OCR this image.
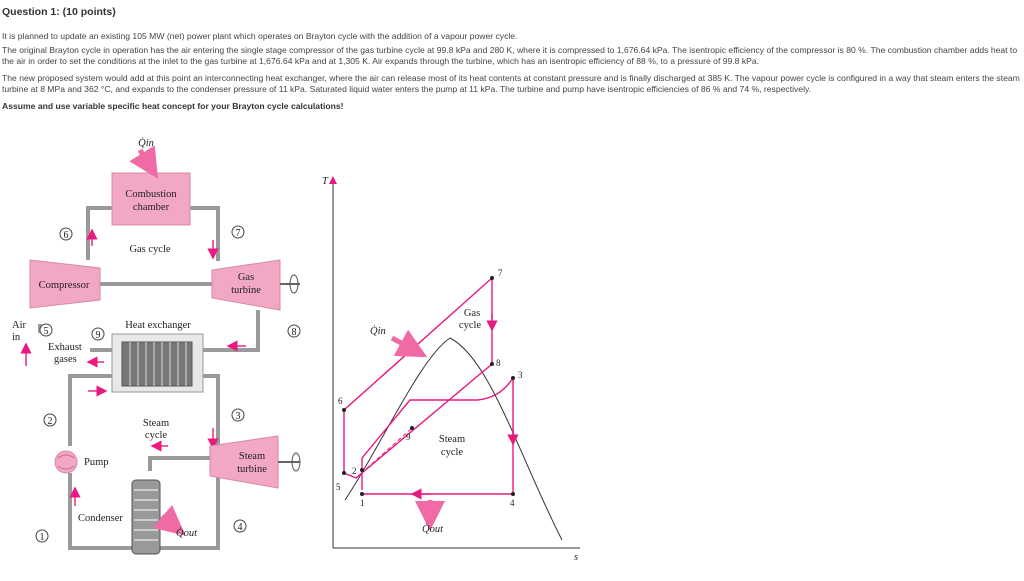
Question 1: (10 points)
It is planned to update an existing 105 MW (net) power plant which operates on Brayton cycle with the addition of a vapour power cycle.
The original Brayton cycle in operation has the air entering the single stage compressor of the gas turbine cycle at 99.8 kPa and 280 K, where it is compressed to 1,676.64 kPa. The isentropic efficiency of the compressor is 80 %. The combustion chamber adds heat to
the air in order to set the conditions at the inlet to the gas turbine at 1,676.64 kPa and at 1,305 K. Air expands through the turbine, which has an isentropic efficiency of 88 %, to a pressure of 99.8 kPa.
The new proposed system would add at this point an interconnecting heat exchanger, where the air can release most of its heat contents at constant pressure and is finally discharged at 385 K. The vapour power cycle is configured in a way that steam enters the steam
turbine at 8 MPa and 362 °C, and expands to the condenser pressure of 11 kPa. Saturated liquid water enters the pump at 11 kPa. The turbine and pump have isentropic efficiencies of 86 % and 74 %, respectively.
Assume and use variable specific heat concept for your Brayton cycle calculations!
Combustion
chamber
Q̇in
Gas cycle
Compressor
Gas
turbine
Air
in
Heat exchanger
Exhaust
gases
Steam
cycle
Steam
turbine
Pump
Condenser
Q̇out
1
2	3
4
5
6	7
8
9
T
s
Gas
cycle
Steam
cycle
Q̇in
Q̇out
1
2
3
4
5
6
7
8
9
